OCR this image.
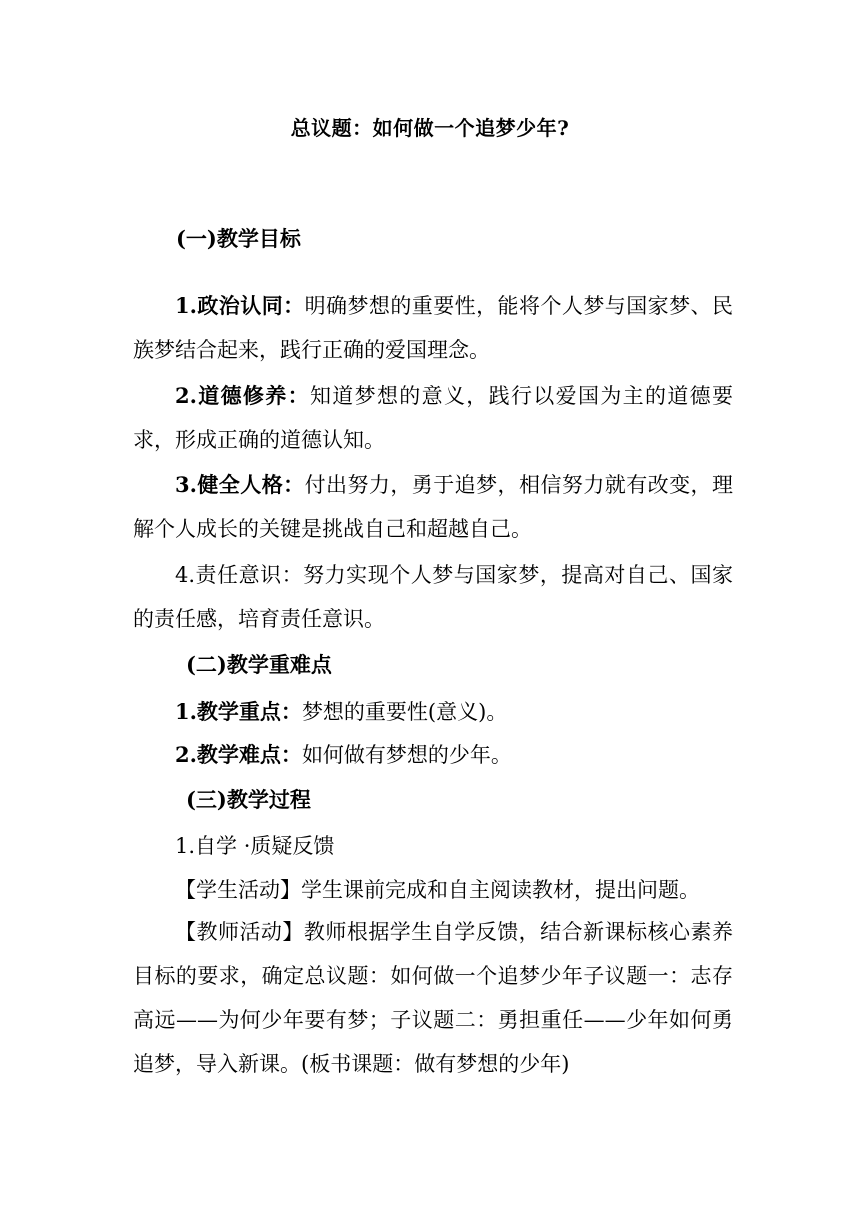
总议题：如何做一个追梦少年?
(一)教学目标
1.政治认同：明确梦想的重要性，能将个人梦与国家梦、民族梦结合起来，践行正确的爱国理念。
2.道德修养：知道梦想的意义，践行以爱国为主的道德要求，形成正确的道德认知。
3.健全人格：付出努力，勇于追梦，相信努力就有改变，理解个人成长的关键是挑战自己和超越自己。
4.责任意识：努力实现个人梦与国家梦，提高对自己、国家的责任感，培育责任意识。
(二)教学重难点
1.教学重点：梦想的重要性(意义)。
2.教学难点：如何做有梦想的少年。
(三)教学过程
1.自学 ·质疑反馈
【学生活动】学生课前完成和自主阅读教材，提出问题。
【教师活动】教师根据学生自学反馈，结合新课标核心素养目标的要求，确定总议题：如何做一个追梦少年子议题一：志存高远——为何少年要有梦；子议题二：勇担重任——少年如何勇追梦，导入新课。(板书课题：做有梦想的少年)
